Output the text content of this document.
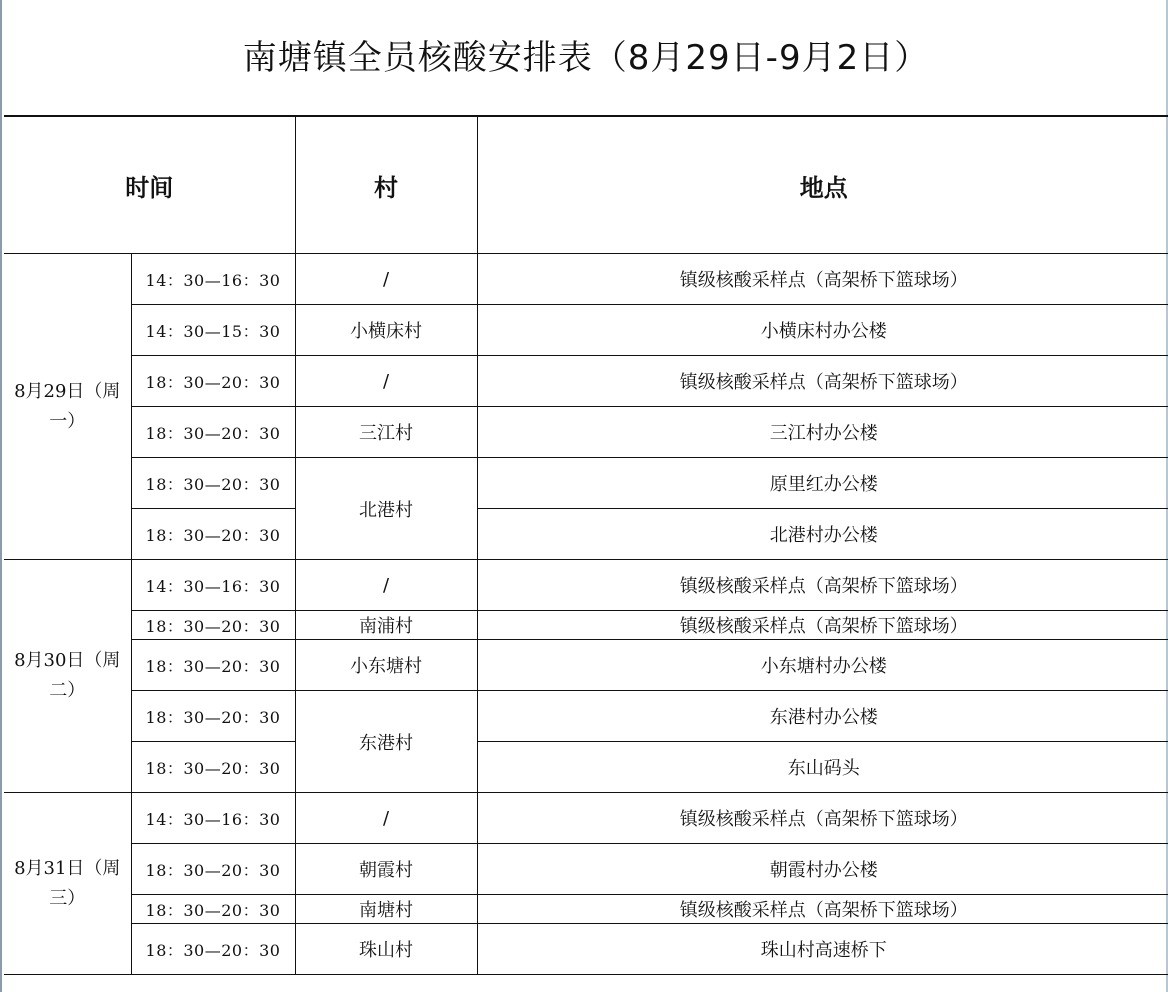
南塘镇全员核酸安排表（8月29日-9月2日）
时间		村	地点
8月29日（周一）	14：30—16：30	/	镇级核酸采样点（高架桥下篮球场）
	14：30—15：30	小横床村	小横床村办公楼
	18：30—20：30	/	镇级核酸采样点（高架桥下篮球场）
	18：30—20：30	三江村	三江村办公楼
	18：30—20：30	北港村	原里红办公楼
	18：30—20：30		北港村办公楼
8月30日（周二）	14：30—16：30	/	镇级核酸采样点（高架桥下篮球场）
	18：30—20：30	南浦村	镇级核酸采样点（高架桥下篮球场）
	18：30—20：30	小东塘村	小东塘村办公楼
	18：30—20：30	东港村	东港村办公楼
	18：30—20：30		东山码头
8月31日（周三）	14：30—16：30	/	镇级核酸采样点（高架桥下篮球场）
	18：30—20：30	朝霞村	朝霞村办公楼
	18：30—20：30	南塘村	镇级核酸采样点（高架桥下篮球场）
	18：30—20：30	珠山村	珠山村高速桥下
